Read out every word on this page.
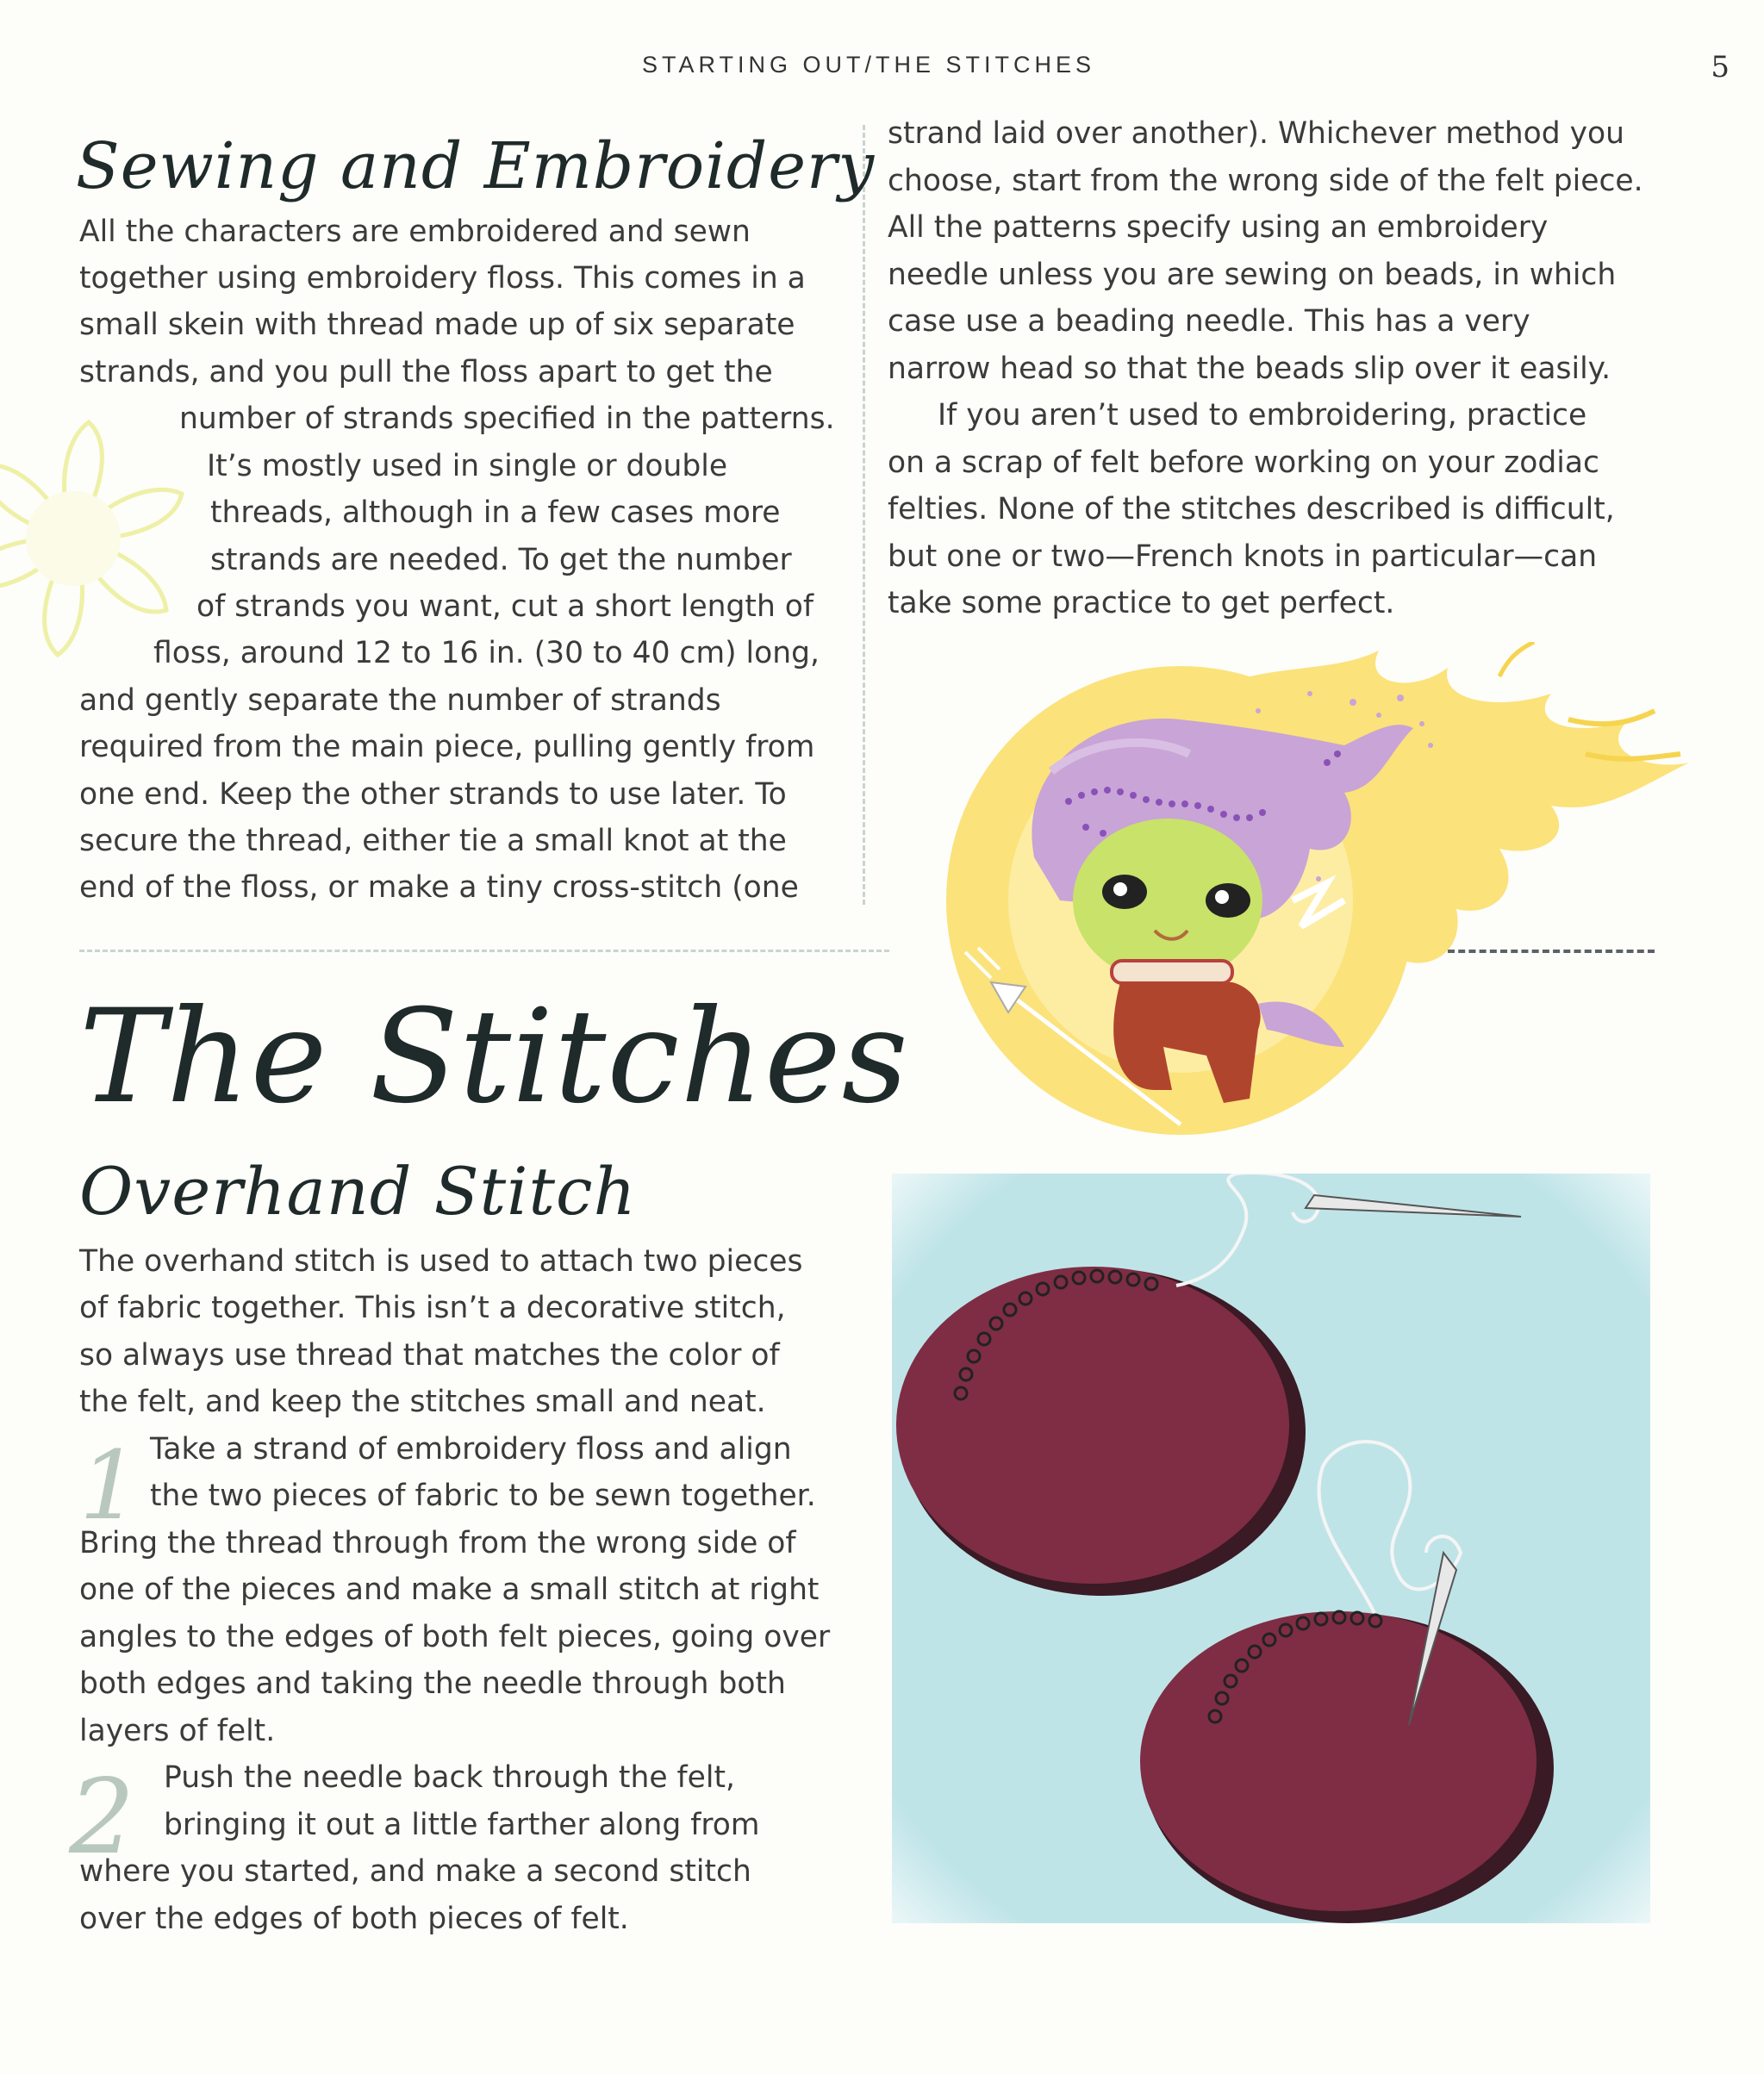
STARTING OUT/THE STITCHES	5
Sewing and Embroidery
All the characters are embroidered and sewn
together using embroidery floss. This comes in a
small skein with thread made up of six separate
strands, and you pull the floss apart to get the
number of strands specified in the patterns.
It’s mostly used in single or double
threads, although in a few cases more
strands are needed. To get the number
of strands you want, cut a short length of
floss, around 12 to 16 in. (30 to 40 cm) long,
and gently separate the number of strands
required from the main piece, pulling gently from
one end. Keep the other strands to use later. To
secure the thread, either tie a small knot at the
end of the floss, or make a tiny cross-stitch (one
strand laid over another). Whichever method you
choose, start from the wrong side of the felt piece.
All the patterns specify using an embroidery
needle unless you are sewing on beads, in which
case use a beading needle. This has a very
narrow head so that the beads slip over it easily.
If you aren’t used to embroidering, practice
on a scrap of felt before working on your zodiac
felties. None of the stitches described is difficult,
but one or two—French knots in particular—can
take some practice to get perfect.
The Stitches
Overhand Stitch
The overhand stitch is used to attach two pieces
of fabric together. This isn’t a decorative stitch,
so always use thread that matches the color of
the felt, and keep the stitches small and neat.
1 Take a strand of embroidery floss and align
the two pieces of fabric to be sewn together.
Bring the thread through from the wrong side of
one of the pieces and make a small stitch at right
angles to the edges of both felt pieces, going over
both edges and taking the needle through both
layers of felt.
2 Push the needle back through the felt,
bringing it out a little farther along from
where you started, and make a second stitch
over the edges of both pieces of felt.
